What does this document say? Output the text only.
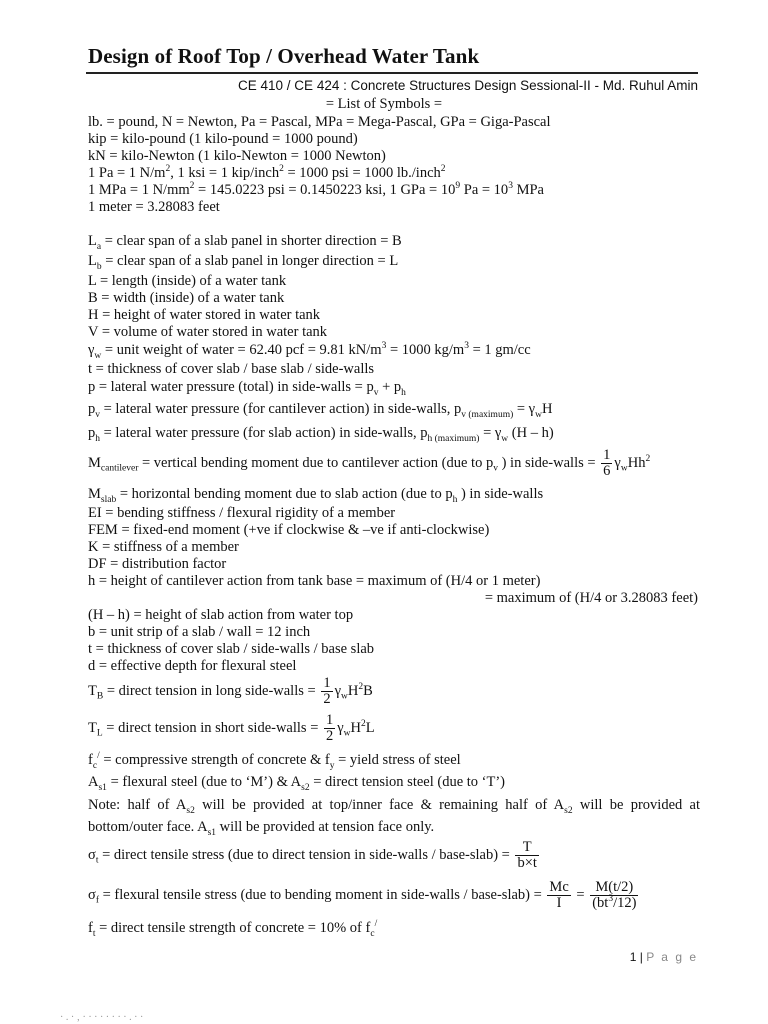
Design of Roof Top / Overhead Water Tank
CE 410 / CE 424 : Concrete Structures Design Sessional-II - Md. Ruhul Amin
= List of Symbols =
lb. = pound, N = Newton, Pa = Pascal, MPa = Mega-Pascal, GPa = Giga-Pascal
kip = kilo-pound (1 kilo-pound = 1000 pound)
kN = kilo-Newton (1 kilo-Newton = 1000 Newton)
1 Pa = 1 $N/m^2$, 1 ksi = 1 kip/inch$^2$ = 1000 psi = 1000 lb./inch$^2$
1 MPa = 1 $N/mm^2 = 145.0223$ psi = 0.1450223 ksi, 1 GPa = $10^9$ $Pa = 10^3$ MPa
1 meter = 3.28083 feet
$L_a$ = clear span of a slab panel in shorter direction = B
$L_b$ = clear span of a slab panel in longer direction = L
L = length (inside) of a water tank
B = width (inside) of a water tank
H = height of water stored in water tank
V = volume of water stored in water tank
$\gamma_w$ = unit weight of water = 62.40 pcf = 9.81 $kN/m^3 = 1000$ $kg/m^3 = 1$ gm/cc
t = thickness of cover slab / base slab / side-walls
p = lateral water pressure (total) in side-walls = $p_v + p_h$
$p_v$ = lateral water pressure (for cantilever action) in side-walls, $p_{v (maximum)} = \gamma_wH$
$p_h$ = lateral water pressure (for slab action) in side-walls, $p_{h (maximum)} = \gamma_w$ (H – h)
$M_{cantilever}$ = vertical bending moment due to cantilever action (due to $p_v$ ) in side-walls = $\frac{1}{6} \gamma_wHh^2$
$M_{slab}$ = horizontal bending moment due to slab action (due to $p_h$ ) in side-walls
EI = bending stiffness / flexural rigidity of a member
FEM = fixed-end moment (+ve if clockwise & –ve if anti-clockwise)
K = stiffness of a member
DF = distribution factor
h = height of cantilever action from tank base = maximum of (H/4 or 1 meter)
= maximum of (H/4 or 3.28083 feet)
(H – h) = height of slab action from water top
b = unit strip of a slab / wall = 12 inch
t = thickness of cover slab / side-walls / base slab
d = effective depth for flexural steel
$T_B$ = direct tension in long side-walls = $\frac{1}{2} \gamma_wH^2B$
$T_L$ = direct tension in short side-walls = $\frac{1}{2} \gamma_wH^2L$
$f_c^/$ = compressive strength of concrete & $f_y$ = yield stress of steel
$A_{s1}$ = flexural steel (due to ‘M’) & $A_{s2}$ = direct tension steel (due to ‘T’)
Note: half of $A_{s2}$ will be provided at top/inner face & remaining half of $A_{s2}$ will be provided at bottom/outer face. $A_{s1}$ will be provided at tension face only.
$\sigma_t$ = direct tensile stress (due to direct tension in side-walls / base-slab) = $\frac{T}{b\times t}$
$\sigma_f$ = flexural tensile stress (due to bending moment in side-walls / base-slab) = $\frac{Mc}{I} = \frac{M(t/2)}{(bt^3/12)}$
$f_t$ = direct tensile strength of concrete = 10% of $f_c^/$
1 | P a g e
· . · ‚ · · · · · · · · . · ·
